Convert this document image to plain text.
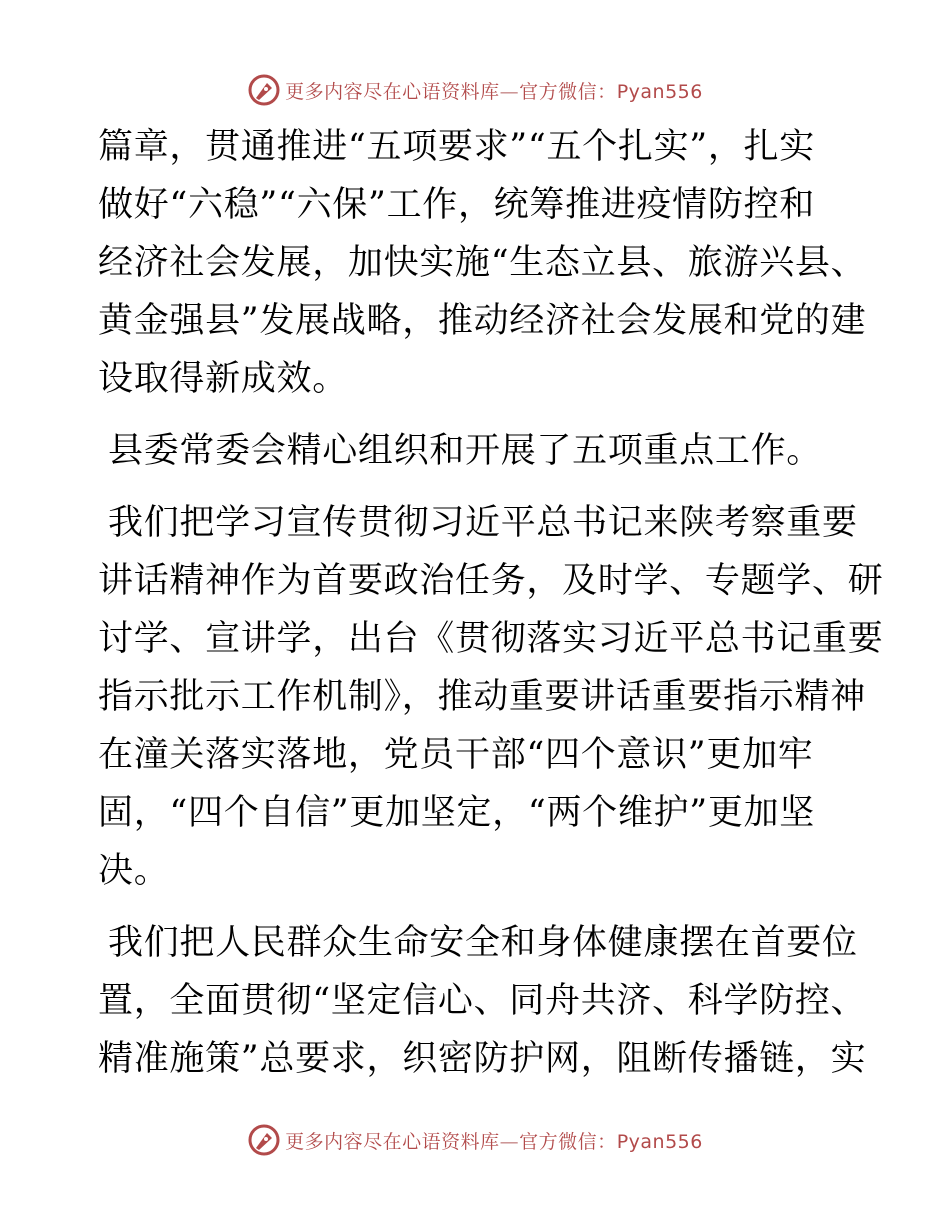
更多内容尽在心语资料库—官方微信：Pyan556
篇章，贯通推进“五项要求”“五个扎实”，扎实
做好“六稳”“六保”工作，统筹推进疫情防控和
经济社会发展，加快实施“生态立县、旅游兴县、
黄金强县”发展战略，推动经济社会发展和党的建
设取得新成效。
县委常委会精心组织和开展了五项重点工作。
我们把学习宣传贯彻习近平总书记来陕考察重要
讲话精神作为首要政治任务，及时学、专题学、研
讨学、宣讲学，出台《贯彻落实习近平总书记重要
指示批示工作机制》，推动重要讲话重要指示精神
在潼关落实落地，党员干部“四个意识”更加牢
固，“四个自信”更加坚定，“两个维护”更加坚
决。
我们把人民群众生命安全和身体健康摆在首要位
置，全面贯彻“坚定信心、同舟共济、科学防控、
精准施策”总要求，织密防护网，阻断传播链，实
更多内容尽在心语资料库—官方微信：Pyan556
